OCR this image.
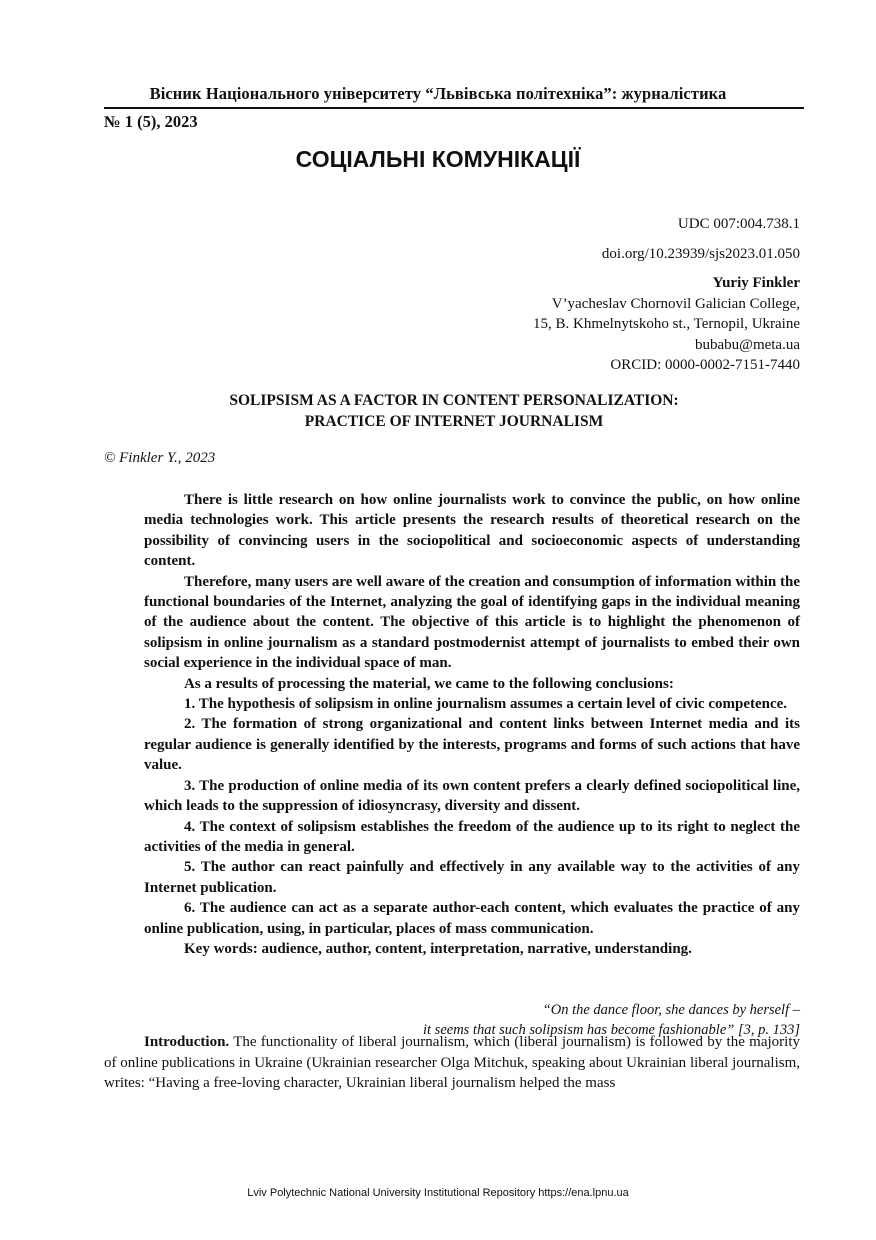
Вісник Національного університету “Львівська політехніка”: журналістика
№ 1 (5), 2023
СОЦІАЛЬНІ КОМУНІКАЦІЇ
UDC 007:004.738.1
doi.org/10.23939/sjs2023.01.050
Yuriy Finkler
V’yacheslav Chornovil Galician College,
15, B. Khmelnytskoho st., Ternopil, Ukraine
bubabu@meta.ua
ORCID: 0000-0002-7151-7440
SOLIPSISM AS A FACTOR IN CONTENT PERSONALIZATION:
PRACTICE OF INTERNET JOURNALISM
© Finkler Y., 2023

There is little research on how online journalists work to convince the public, on how online media technologies work. This article presents the research results of theoretical research on the possibility of convincing users in the sociopolitical and socioeconomic aspects of understanding content.

Therefore, many users are well aware of the creation and consumption of information within the functional boundaries of the Internet, analyzing the goal of identifying gaps in the individual meaning of the audience about the content. The objective of this article is to highlight the phenomenon of solipsism in online journalism as a standard postmodernist attempt of journalists to embed their own social experience in the individual space of man.

As a results of processing the material, we came to the following conclusions:

1. The hypothesis of solipsism in online journalism assumes a certain level of civic competence.

2. The formation of strong organizational and content links between Internet media and its regular audience is generally identified by the interests, programs and forms of such actions that have value.

3. The production of online media of its own content prefers a clearly defined sociopolitical line, which leads to the suppression of idiosyncrasy, diversity and dissent.

4. The context of solipsism establishes the freedom of the audience up to its right to neglect the activities of the media in general.

5. The author can react painfully and effectively in any available way to the activities of any Internet publication.

6. The audience can act as a separate author-each content, which evaluates the practice of any online publication, using, in particular, places of mass communication.

Key words: audience, author, content, interpretation, narrative, understanding.

“On the dance floor, she dances by herself –
it seems that such solipsism has become fashionable” [3, p. 133]

Introduction. The functionality of liberal journalism, which (liberal journalism) is followed by the majority of online publications in Ukraine (Ukrainian researcher Olga Mitchuk, speaking about Ukrainian liberal journalism, writes: “Having a free-loving character, Ukrainian liberal journalism helped the mass

Lviv Polytechnic National University Institutional Repository https://ena.lpnu.ua
